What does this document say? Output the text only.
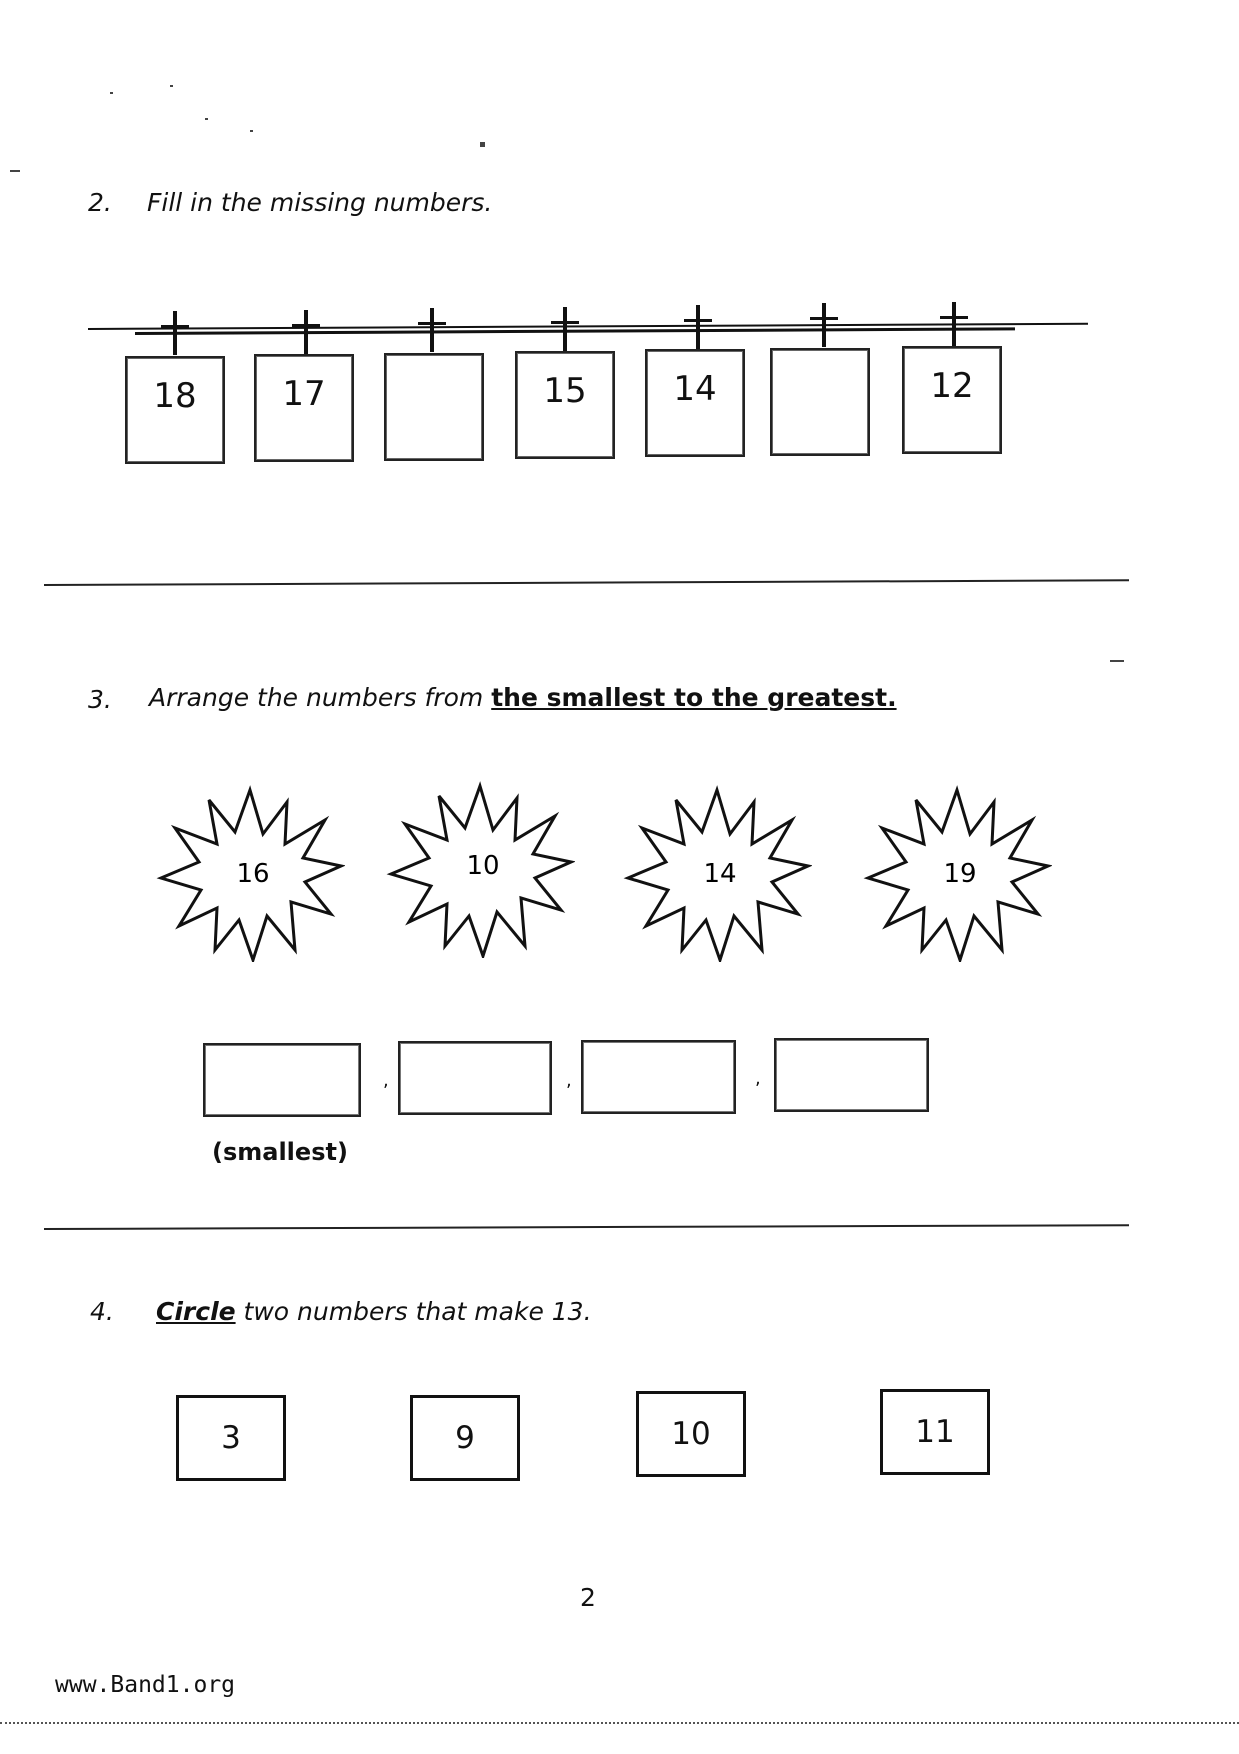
2. Fill in the missing numbers.
18	17	15	14	12
3. Arrange the numbers from the smallest to the greatest.
16	10	14	19
,	,	,
(smallest)
4. Circle two numbers that make 13.
3	9	10	11
2
www.Band1.org
